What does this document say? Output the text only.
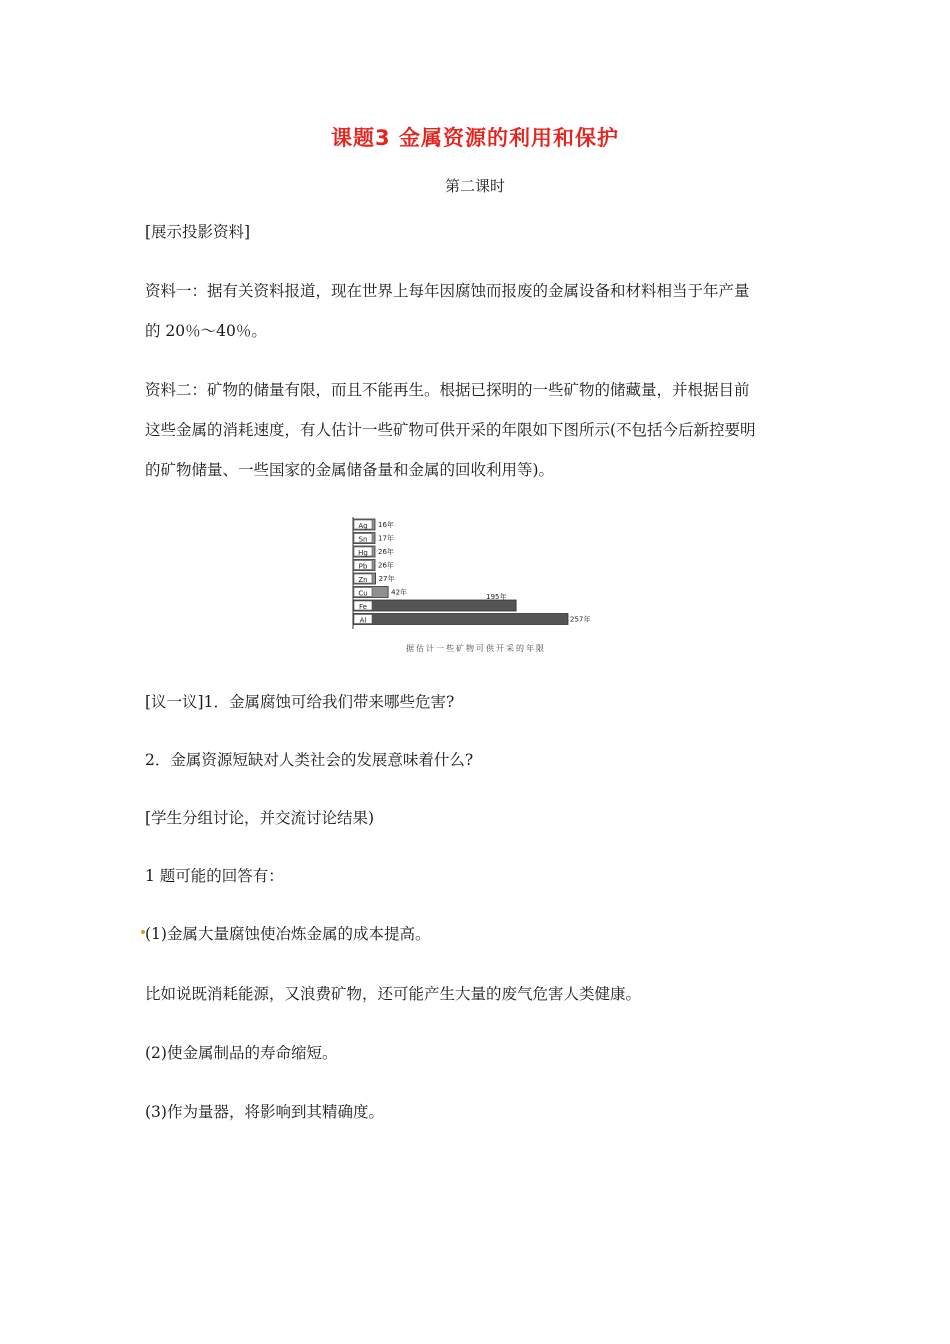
课题3 金属资源的利用和保护
第二课时
[展示投影资料]
资料一：据有关资料报道，现在世界上每年因腐蚀而报废的金属设备和材料相当于年产量
的 20％～40％。
资料二：矿物的储量有限，而且不能再生。根据已探明的一些矿物的储藏量，并根据目前
这些金属的消耗速度，有人估计一些矿物可供开采的年限如下图所示(不包括今后新控要明
的矿物储量、一些国家的金属储备量和金属的回收利用等)。
Ag 16年
Sn 17年
Hg 26年
Pb 26年
Zn 27年
Cu	42年
Fe
195年
Al	257年
据估计一些矿物可供开采的年限
[议一议]1．金属腐蚀可给我们带来哪些危害?
2．金属资源短缺对人类社会的发展意味着什么?
[学生分组讨论，并交流讨论结果)
1 题可能的回答有：
(1)金属大量腐蚀使冶炼金属的成本提高。
比如说既消耗能源，又浪费矿物，还可能产生大量的废气危害人类健康。
(2)使金属制品的寿命缩短。
(3)作为量器，将影响到其精确度。
